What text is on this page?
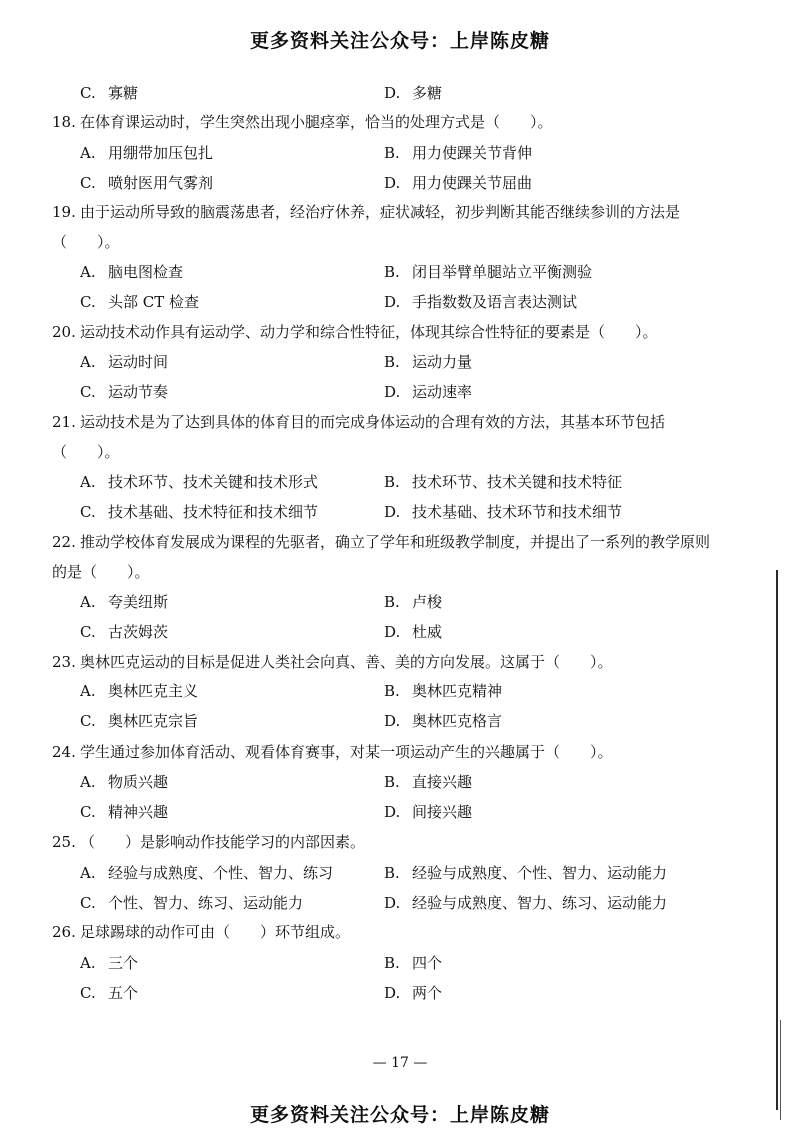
更多资料关注公众号：上岸陈皮糖
C. 寡糖	D. 多糖
18. 在体育课运动时，学生突然出现小腿痉挛，恰当的处理方式是（　　）。
A. 用绷带加压包扎	B. 用力使踝关节背伸
C. 喷射医用气雾剂	D. 用力使踝关节屈曲
19. 由于运动所导致的脑震荡患者，经治疗休养，症状减轻，初步判断其能否继续参训的方法是（　　）。
A. 脑电图检查	B. 闭目举臂单腿站立平衡测验
C. 头部 CT 检查	D. 手指数数及语言表达测试
20. 运动技术动作具有运动学、动力学和综合性特征，体现其综合性特征的要素是（　　）。
A. 运动时间	B. 运动力量
C. 运动节奏	D. 运动速率
21. 运动技术是为了达到具体的体育目的而完成身体运动的合理有效的方法，其基本环节包括（　　）。
A. 技术环节、技术关键和技术形式	B. 技术环节、技术关键和技术特征
C. 技术基础、技术特征和技术细节	D. 技术基础、技术环节和技术细节
22. 推动学校体育发展成为课程的先驱者，确立了学年和班级教学制度，并提出了一系列的教学原则的是（　　）。
A. 夸美纽斯	B. 卢梭
C. 古茨姆茨	D. 杜威
23. 奥林匹克运动的目标是促进人类社会向真、善、美的方向发展。这属于（　　）。
A. 奥林匹克主义	B. 奥林匹克精神
C. 奥林匹克宗旨	D. 奥林匹克格言
24. 学生通过参加体育活动、观看体育赛事，对某一项运动产生的兴趣属于（　　）。
A. 物质兴趣	B. 直接兴趣
C. 精神兴趣	D. 间接兴趣
25. （　　）是影响动作技能学习的内部因素。
A. 经验与成熟度、个性、智力、练习	B. 经验与成熟度、个性、智力、运动能力
C. 个性、智力、练习、运动能力	D. 经验与成熟度、智力、练习、运动能力
26. 足球踢球的动作可由（　　）环节组成。
A. 三个	B. 四个
C. 五个	D. 两个
— 17 —
更多资料关注公众号：上岸陈皮糖
